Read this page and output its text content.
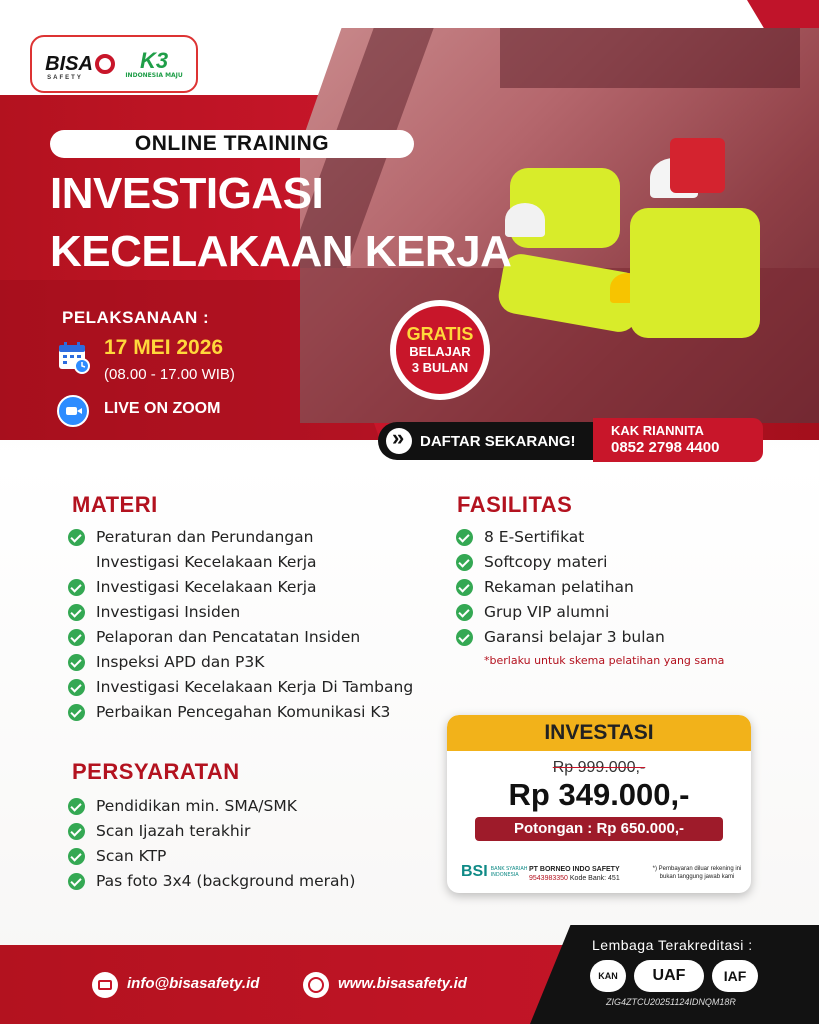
BISA
SAFETY
K3
INDONESIA MAJU
ONLINE TRAINING
INVESTIGASI
KECELAKAAN KERJA
PELAKSANAAN :
17 MEI 2026
(08.00 - 17.00 WIB)
LIVE ON ZOOM
GRATIS
BELAJAR
3 BULAN
»
DAFTAR SEKARANG!
KAK RIANNITA
0852 2798 4400
MATERI
Peraturan dan Perundangan
Investigasi Kecelakaan Kerja
Investigasi Kecelakaan Kerja
Investigasi Insiden
Pelaporan dan Pencatatan Insiden
Inspeksi APD dan P3K
Investigasi Kecelakaan Kerja Di Tambang
Perbaikan Pencegahan Komunikasi K3
PERSYARATAN
Pendidikan min. SMA/SMK
Scan Ijazah terakhir
Scan KTP
Pas foto 3x4 (background merah)
FASILITAS
8 E-Sertifikat
Softcopy materi
Rekaman pelatihan
Grup VIP alumni
Garansi belajar 3 bulan
*berlaku untuk skema pelatihan yang sama
INVESTASI
Rp 999.000,-
Rp 349.000,-
Potongan : Rp 650.000,-
BSI BANK SYARIAH INDONESIA
PT BORNEO INDO SAFETY
9543983350 Kode Bank: 451
*) Pembayaran diluar rekening ini bukan tanggung jawab kami
info@bisasafety.id	www.bisasafety.id
Lembaga Terakreditasi :
KAN	UAF	IAF
ZIG4ZTCU20251124IDNQM18R
